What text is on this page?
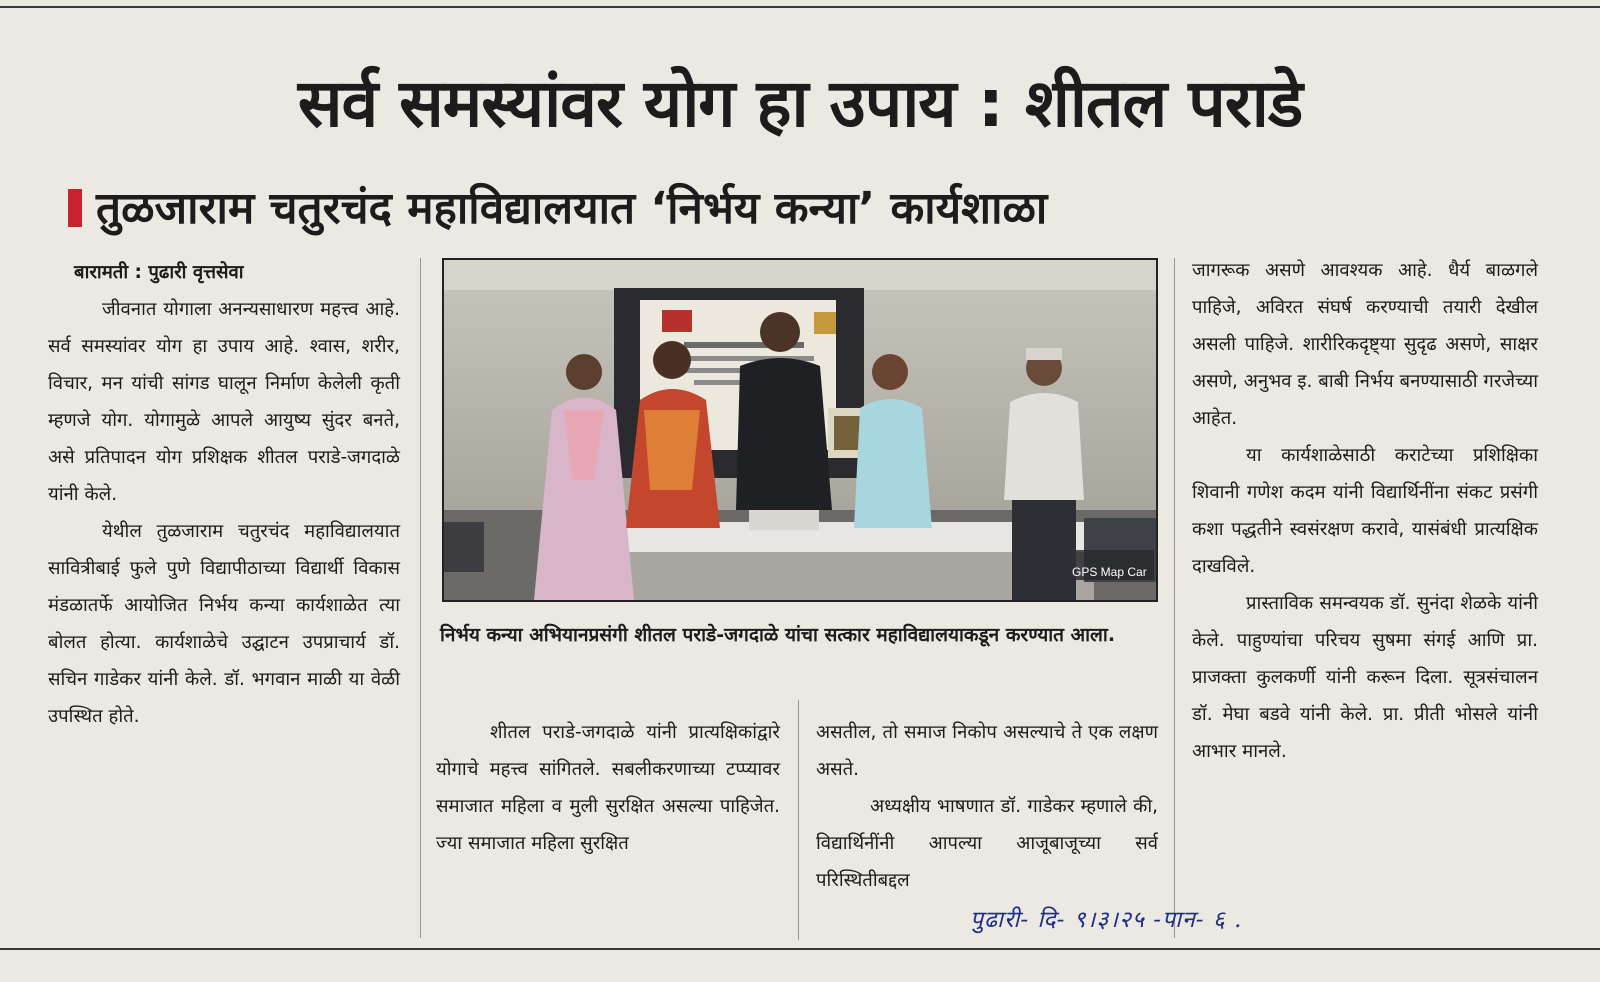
सर्व समस्यांवर योग हा उपाय : शीतल पराडे
तुळजाराम चतुरचंद महाविद्यालयात ‘निर्भय कन्या’ कार्यशाळा
बारामती : पुढारी वृत्तसेवा

जीवनात योगाला अनन्यसाधारण महत्त्व आहे. सर्व समस्यांवर योग हा उपाय आहे. श्वास, शरीर, विचार, मन यांची सांगड घालून निर्माण केलेली कृती म्हणजे योग. योगामुळे आपले आयुष्य सुंदर बनते, असे प्रतिपादन योग प्रशिक्षक शीतल पराडे-जगदाळे यांनी केले.

येथील तुळजाराम चतुरचंद महाविद्यालयात सावित्रीबाई फुले पुणे विद्यापीठाच्या विद्यार्थी विकास मंडळातर्फे आयोजित निर्भय कन्या कार्यशाळेत त्या बोलत होत्या. कार्यशाळेचे उद्घाटन उपप्राचार्य डॉ. सचिन गाडेकर यांनी केले. डॉ. भगवान माळी या वेळी उपस्थित होते.

GPS Map Car
निर्भय कन्या अभियानप्रसंगी शीतल पराडे-जगदाळे यांचा सत्कार महाविद्यालयाकडून करण्यात आला.

शीतल पराडे-जगदाळे यांनी प्रात्यक्षिकांद्वारे योगाचे महत्त्व सांगितले. सबलीकरणाच्या टप्प्यावर समाजात महिला व मुली सुरक्षित असल्या पाहिजेत. ज्या समाजात महिला सुरक्षित

असतील, तो समाज निकोप असल्याचे ते एक लक्षण असते.

अध्यक्षीय भाषणात डॉ. गाडेकर म्हणाले की, विद्यार्थिनींनी आपल्या आजूबाजूच्या सर्व परिस्थितीबद्दल

जागरूक असणे आवश्यक आहे. धैर्य बाळगले पाहिजे, अविरत संघर्ष करण्याची तयारी देखील असली पाहिजे. शारीरिकदृष्ट्या सुदृढ असणे, साक्षर असणे, अनुभव इ. बाबी निर्भय बनण्यासाठी गरजेच्या आहेत.

या कार्यशाळेसाठी कराटेच्या प्रशिक्षिका शिवानी गणेश कदम यांनी विद्यार्थिनींना संकट प्रसंगी कशा पद्धतीने स्वसंरक्षण करावे, यासंबंधी प्रात्यक्षिक दाखविले.

प्रास्ताविक समन्वयक डॉ. सुनंदा शेळके यांनी केले. पाहुण्यांचा परिचय सुषमा संगई आणि प्रा. प्राजक्ता कुलकर्णी यांनी करून दिला. सूत्रसंचालन डॉ. मेघा बडवे यांनी केले. प्रा. प्रीती भोसले यांनी आभार मानले.

पुढारी- दि- ९।३।२५ -पान- ६ .
